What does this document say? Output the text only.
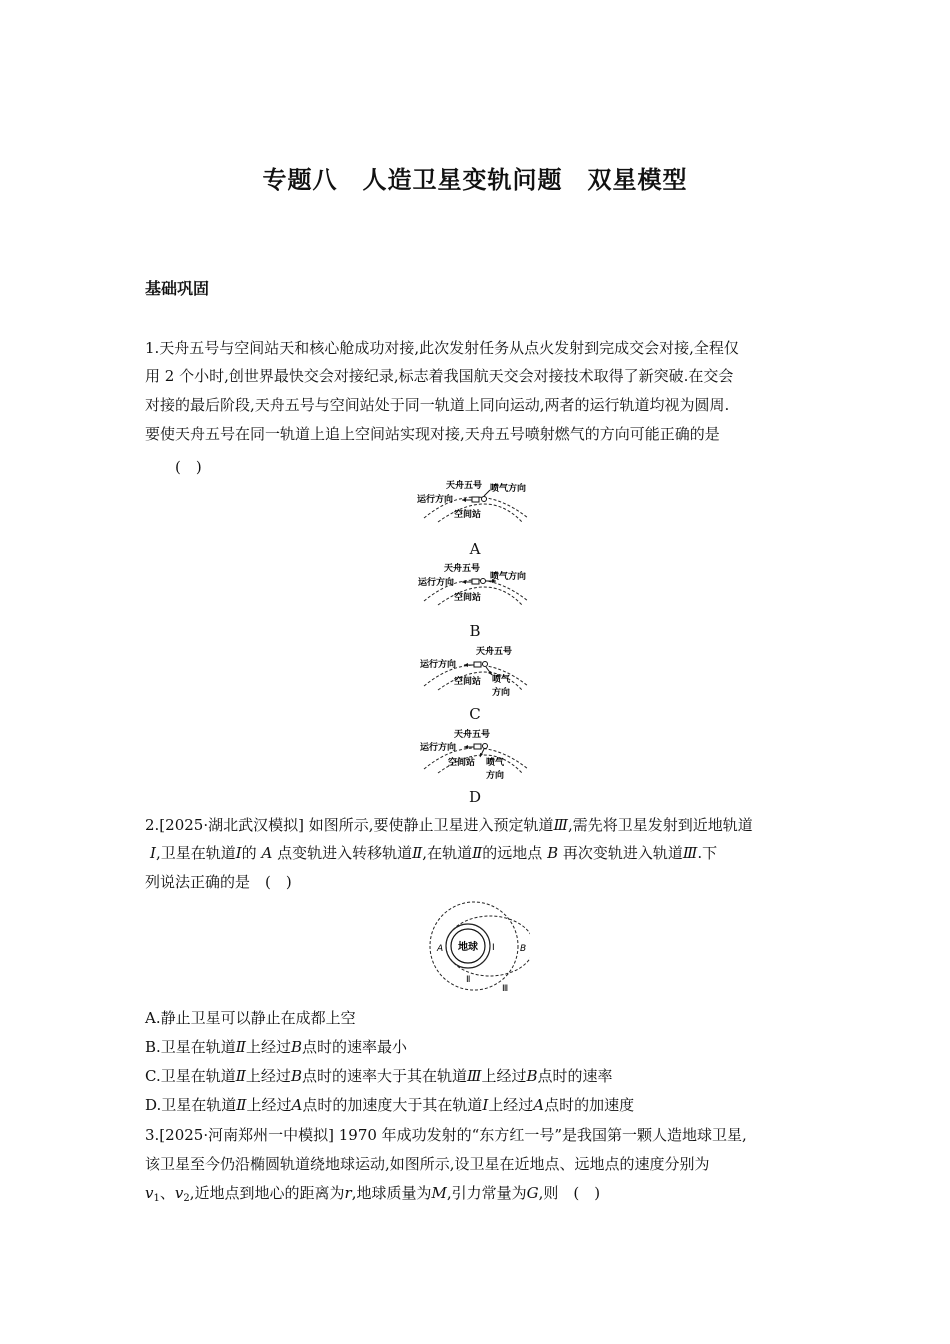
专题八　人造卫星变轨问题　双星模型
基础巩固
1.天舟五号与空间站天和核心舱成功对接,此次发射任务从点火发射到完成交会对接,全程仅
用 2 个小时,创世界最快交会对接纪录,标志着我国航天交会对接技术取得了新突破.在交会
对接的最后阶段,天舟五号与空间站处于同一轨道上同向运动,两者的运行轨道均视为圆周.
要使天舟五号在同一轨道上追上空间站实现对接,天舟五号喷射燃气的方向可能正确的是
(　)
天舟五号 喷气方向
运行方向
空间站
A
天舟五号
喷气方向
运行方向
空间站
B
天舟五号
运行方向
空间站 喷气
方向
C
天舟五号
运行方向
空间站 喷气
方向
D
2.[2025·湖北武汉模拟] 如图所示,要使静止卫星进入预定轨道Ⅲ,需先将卫星发射到近地轨道
Ⅰ,卫星在轨道Ⅰ的 A 点变轨进入转移轨道Ⅱ,在轨道Ⅱ的远地点 B 再次变轨进入轨道Ⅲ.下
列说法正确的是　(　)
地球
A	B
Ⅰ
Ⅱ
Ⅲ
A.静止卫星可以静止在成都上空
B.卫星在轨道Ⅱ上经过B点时的速率最小
C.卫星在轨道Ⅱ上经过B点时的速率大于其在轨道Ⅲ上经过B点时的速率
D.卫星在轨道Ⅱ上经过A点时的加速度大于其在轨道Ⅰ上经过A点时的加速度
3.[2025·河南郑州一中模拟] 1970 年成功发射的“东方红一号”是我国第一颗人造地球卫星,
该卫星至今仍沿椭圆轨道绕地球运动,如图所示,设卫星在近地点、远地点的速度分别为
$v_1$、$v_2$,近地点到地心的距离为r,地球质量为M,引力常量为G,则　(　)
